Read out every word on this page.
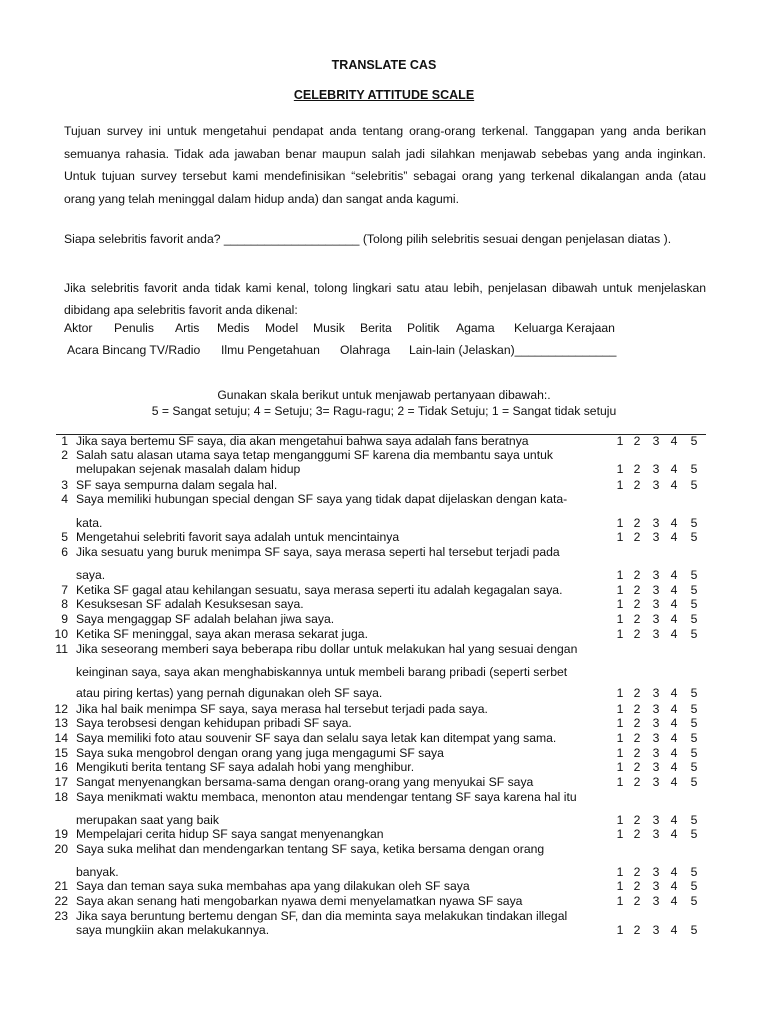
TRANSLATE CAS
CELEBRITY ATTITUDE SCALE
Tujuan survey ini untuk mengetahui pendapat anda tentang orang-orang terkenal. Tanggapan yang anda berikan
semuanya rahasia. Tidak ada jawaban benar maupun salah jadi silahkan menjawab sebebas yang anda inginkan.
Untuk tujuan survey tersebut kami mendefinisikan “selebritis” sebagai orang yang terkenal dikalangan anda (atau
orang yang telah meninggal dalam hidup anda) dan sangat anda kagumi.
Siapa selebritis favorit anda? ____________________ (Tolong pilih selebritis sesuai dengan penjelasan diatas ).
Jika selebritis favorit anda tidak kami kenal, tolong lingkari satu atau lebih, penjelasan dibawah untuk menjelaskan
dibidang apa selebritis favorit anda dikenal:
Aktor Penulis Artis Medis Model Musik Berita Politik Agama Keluarga Kerajaan
Acara Bincang TV/Radio Ilmu Pengetahuan Olahraga Lain-lain (Jelaskan)_______________
Gunakan skala berikut untuk menjawab pertanyaan dibawah:.
5 = Sangat setuju; 4 = Setuju; 3= Ragu-ragu; 2 = Tidak Setuju; 1 = Sangat tidak setuju
1 Jika saya bertemu SF saya, dia akan mengetahui bahwa saya adalah fans beratnya	1 2 3 4 5
2 Salah satu alasan utama saya tetap menganggumi SF karena dia membantu saya untuk
melupakan sejenak masalah dalam hidup	1 2 3 4 5
3 SF saya sempurna dalam segala hal.	1 2 3 4 5
4 Saya memiliki hubungan special dengan SF saya yang tidak dapat dijelaskan dengan kata-
kata.	1 2 3 4 5
5 Mengetahui selebriti favorit saya adalah untuk mencintainya	1 2 3 4 5
6 Jika sesuatu yang buruk menimpa SF saya, saya merasa seperti hal tersebut terjadi pada
saya.	1 2 3 4 5
7 Ketika SF gagal atau kehilangan sesuatu, saya merasa seperti itu adalah kegagalan saya.	1 2 3 4 5
8 Kesuksesan SF adalah Kesuksesan saya.	1 2 3 4 5
9 Saya mengaggap SF adalah belahan jiwa saya.	1 2 3 4 5
10 Ketika SF meninggal, saya akan merasa sekarat juga.	1 2 3 4 5
11 Jika seseorang memberi saya beberapa ribu dollar untuk melakukan hal yang sesuai dengan
keinginan saya, saya akan menghabiskannya untuk membeli barang pribadi (seperti serbet
atau piring kertas) yang pernah digunakan oleh SF saya.	1 2 3 4 5
12 Jika hal baik menimpa SF saya, saya merasa hal tersebut terjadi pada saya.	1 2 3 4 5
13 Saya terobsesi dengan kehidupan pribadi SF saya.	1 2 3 4 5
14 Saya memiliki foto atau souvenir SF saya dan selalu saya letak kan ditempat yang sama.	1 2 3 4 5
15 Saya suka mengobrol dengan orang yang juga mengagumi SF saya	1 2 3 4 5
16 Mengikuti berita tentang SF saya adalah hobi yang menghibur.	1 2 3 4 5
17 Sangat menyenangkan bersama-sama dengan orang-orang yang menyukai SF saya	1 2 3 4 5
18 Saya menikmati waktu membaca, menonton atau mendengar tentang SF saya karena hal itu
merupakan saat yang baik	1 2 3 4 5
19 Mempelajari cerita hidup SF saya sangat menyenangkan	1 2 3 4 5
20 Saya suka melihat dan mendengarkan tentang SF saya, ketika bersama dengan orang
banyak.	1 2 3 4 5
21 Saya dan teman saya suka membahas apa yang dilakukan oleh SF saya	1 2 3 4 5
22 Saya akan senang hati mengobarkan nyawa demi menyelamatkan nyawa SF saya	1 2 3 4 5
23 Jika saya beruntung bertemu dengan SF, dan dia meminta saya melakukan tindakan illegal
saya mungkiin akan melakukannya.	1 2 3 4 5
